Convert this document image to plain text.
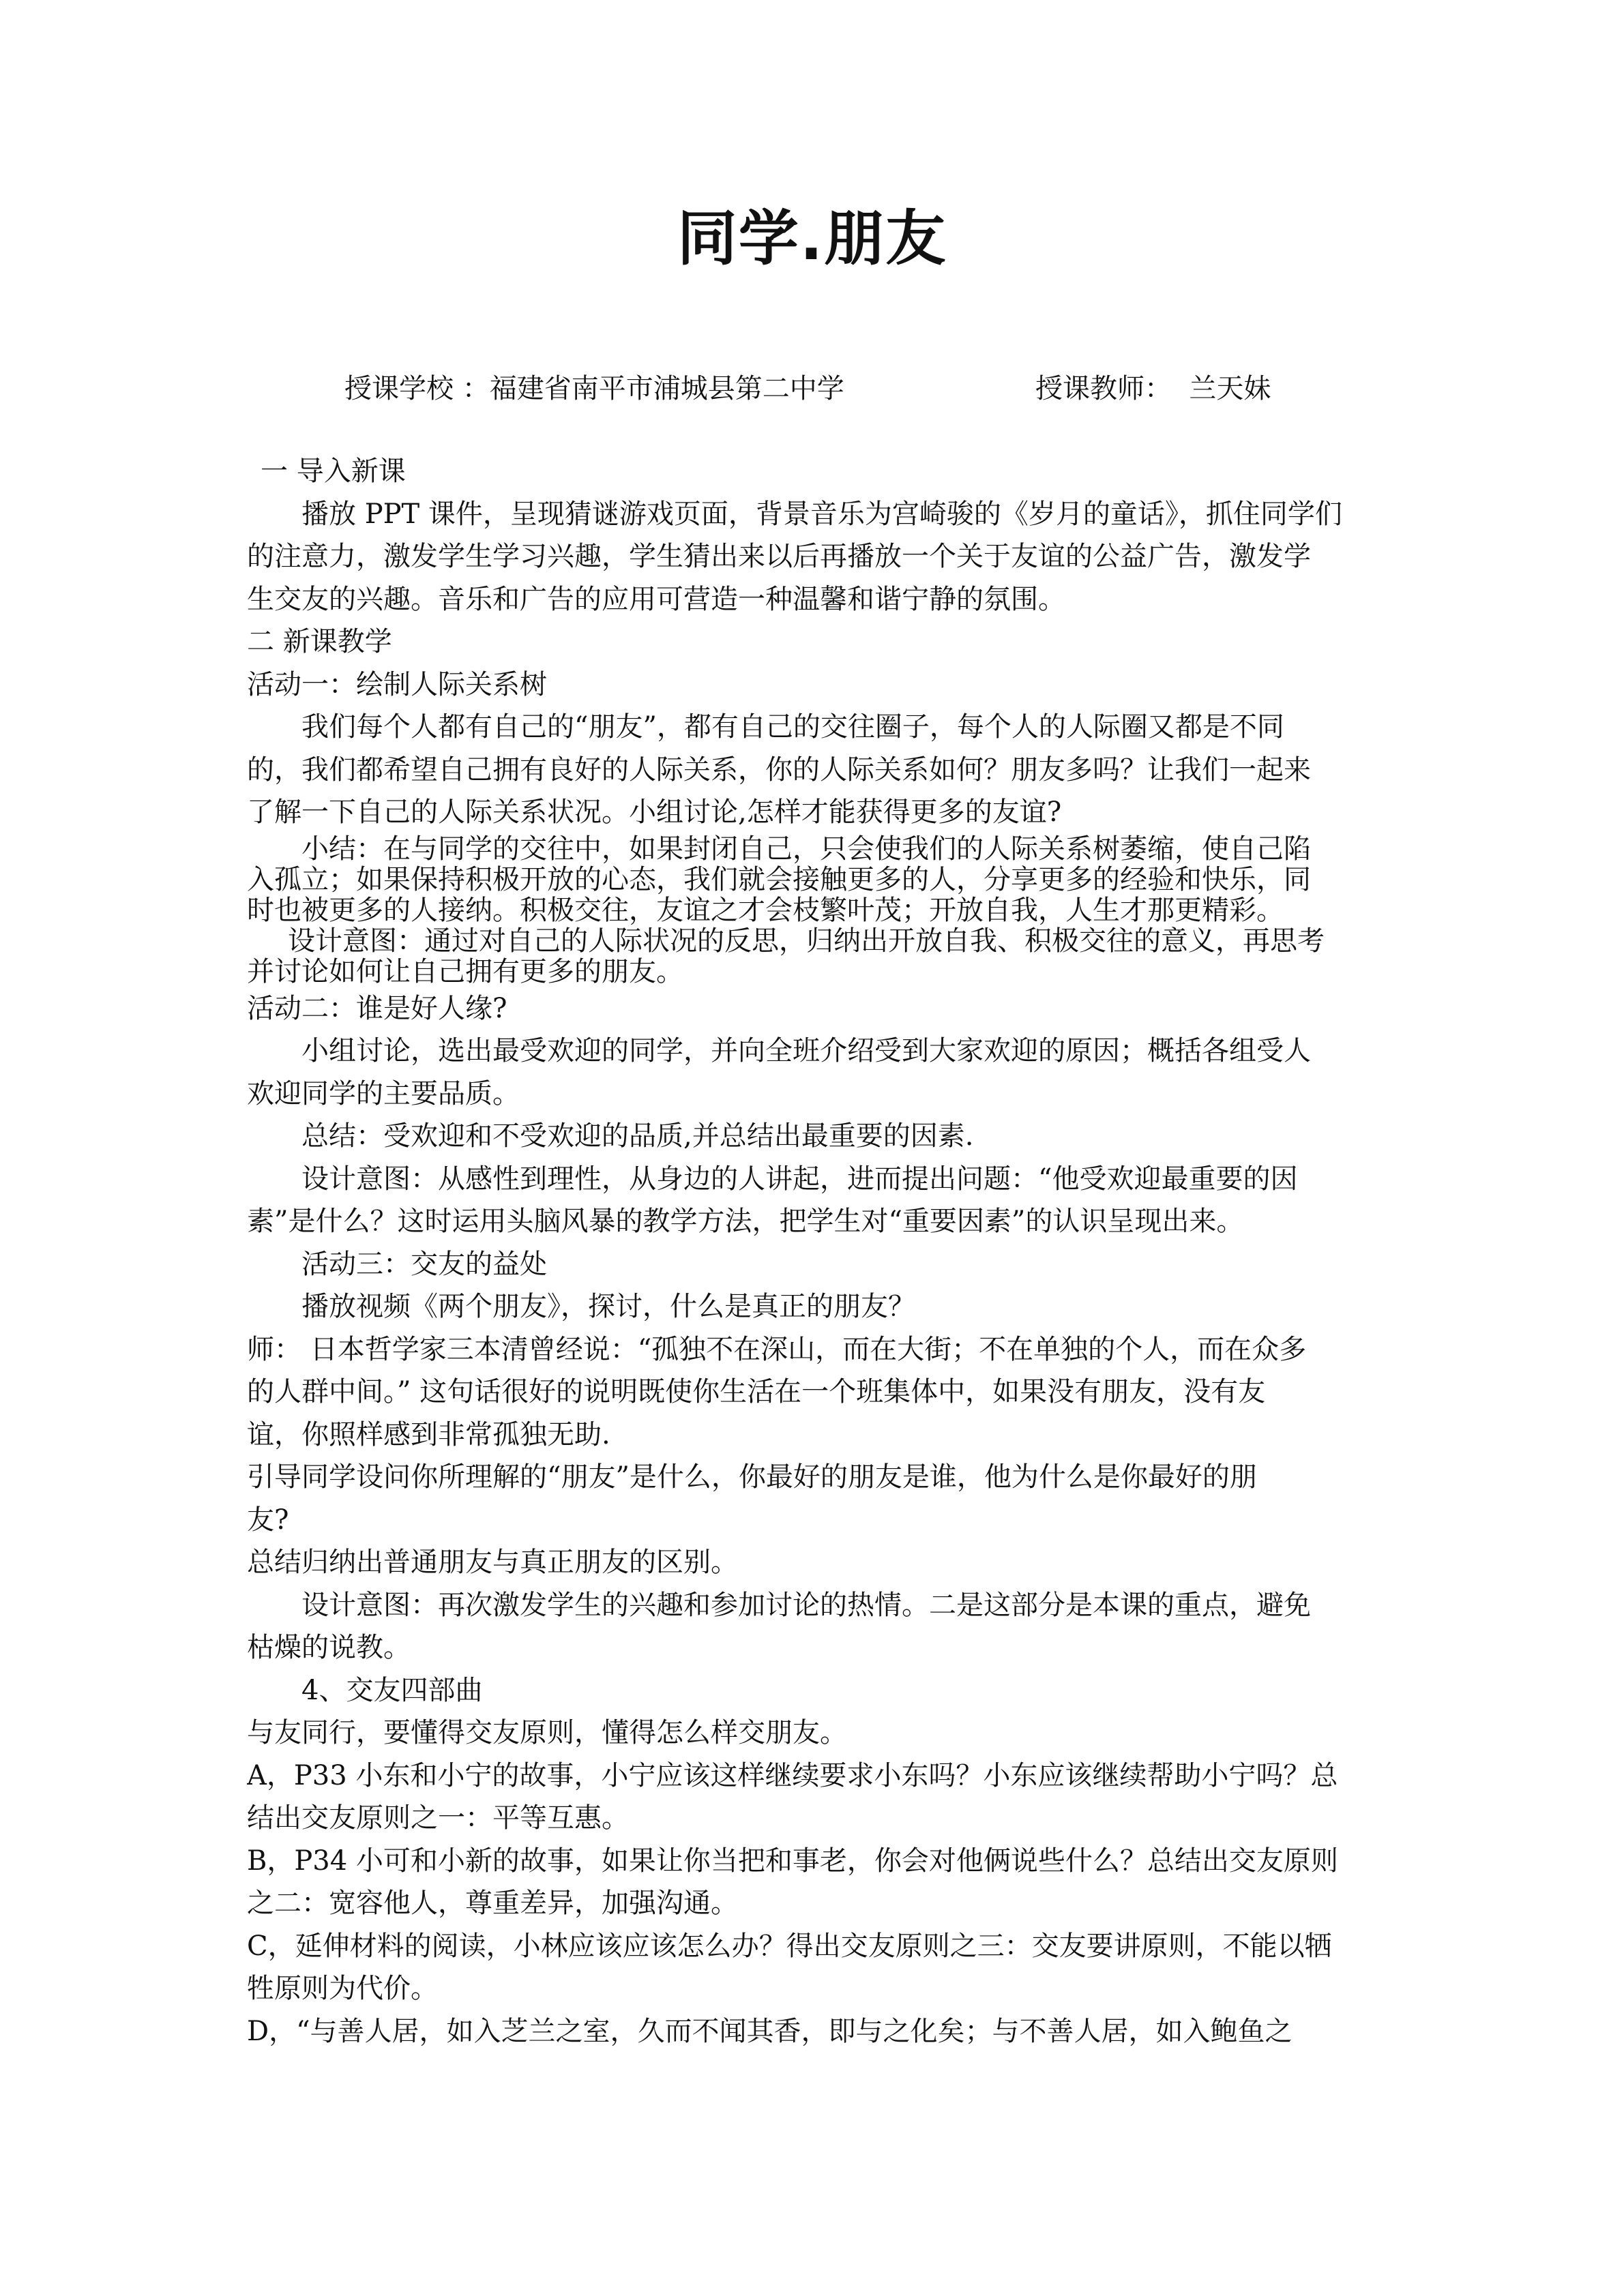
同学.朋友
授课学校 ：福建省南平市浦城县第二中学	授课教师：  兰天妹
一 导入新课
播放 PPT 课件，呈现猜谜游戏页面，背景音乐为宫崎骏的《岁月的童话》，抓住同学们
的注意力，激发学生学习兴趣，学生猜出来以后再播放一个关于友谊的公益广告，激发学
生交友的兴趣。音乐和广告的应用可营造一种温馨和谐宁静的氛围。
二 新课教学
活动一：绘制人际关系树
我们每个人都有自己的“朋友”，都有自己的交往圈子，每个人的人际圈又都是不同
的，我们都希望自己拥有良好的人际关系，你的人际关系如何？朋友多吗？让我们一起来
了解一下自己的人际关系状况。小组讨论,怎样才能获得更多的友谊?
小结：在与同学的交往中，如果封闭自己，只会使我们的人际关系树萎缩，使自己陷
入孤立；如果保持积极开放的心态，我们就会接触更多的人，分享更多的经验和快乐，同
时也被更多的人接纳。积极交往，友谊之才会枝繁叶茂；开放自我，人生才那更精彩。
设计意图：通过对自己的人际状况的反思，归纳出开放自我、积极交往的意义，再思考
并讨论如何让自己拥有更多的朋友。
活动二：谁是好人缘?
小组讨论，选出最受欢迎的同学，并向全班介绍受到大家欢迎的原因；概括各组受人
欢迎同学的主要品质。
总结：受欢迎和不受欢迎的品质,并总结出最重要的因素.
设计意图：从感性到理性，从身边的人讲起，进而提出问题：“他受欢迎最重要的因
素”是什么？这时运用头脑风暴的教学方法，把学生对“重要因素”的认识呈现出来。
活动三：交友的益处
播放视频《两个朋友》，探讨，什么是真正的朋友？
师： 日本哲学家三本清曾经说：“孤独不在深山，而在大街；不在单独的个人，而在众多
的人群中间。” 这句话很好的说明既使你生活在一个班集体中，如果没有朋友，没有友
谊，你照样感到非常孤独无助.
引导同学设问你所理解的“朋友”是什么，你最好的朋友是谁，他为什么是你最好的朋
友?
总结归纳出普通朋友与真正朋友的区别。
设计意图：再次激发学生的兴趣和参加讨论的热情。二是这部分是本课的重点，避免
枯燥的说教。
4、交友四部曲
与友同行，要懂得交友原则，懂得怎么样交朋友。
A，P33 小东和小宁的故事，小宁应该这样继续要求小东吗？小东应该继续帮助小宁吗？总
结出交友原则之一：平等互惠。
B，P34 小可和小新的故事，如果让你当把和事老，你会对他俩说些什么？总结出交友原则
之二：宽容他人，尊重差异，加强沟通。
C，延伸材料的阅读，小林应该应该怎么办？得出交友原则之三：交友要讲原则，不能以牺
牲原则为代价。
D，“与善人居，如入芝兰之室，久而不闻其香，即与之化矣；与不善人居，如入鲍鱼之
